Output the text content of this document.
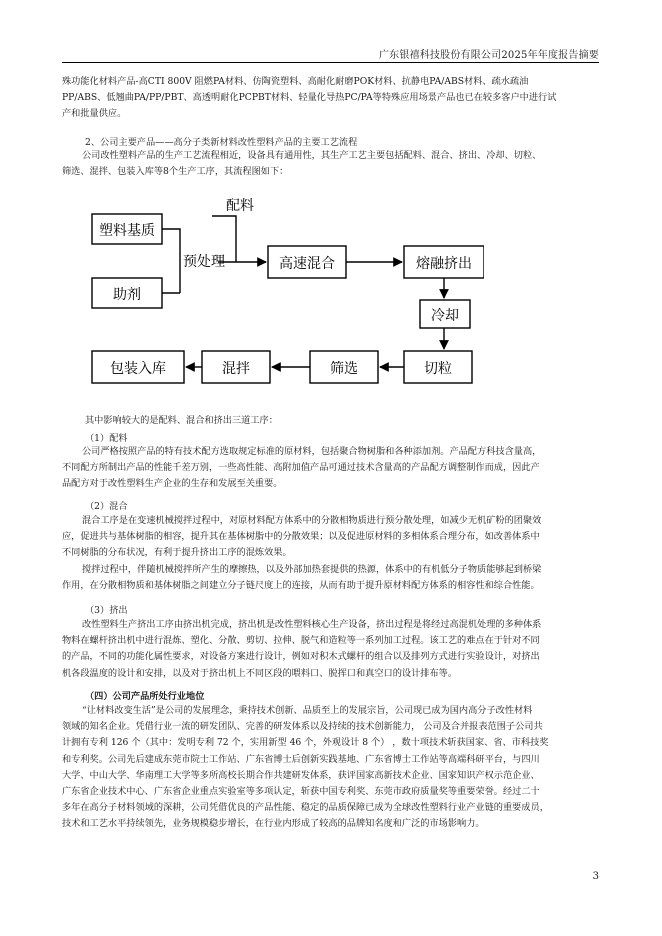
广东银禧科技股份有限公司2025年年度报告摘要
殊功能化材料产品-高CTI 800V 阻燃PA材料、仿陶瓷塑料、高耐化耐磨POK材料、抗静电PA/ABS材料、疏水疏油
PP/ABS、低翘曲PA/PP/PBT、高透明耐化PCPBT材料、轻量化导热PC/PA等特殊应用场景产品也已在较多客户中进行试
产和批量供应。
2、公司主要产品——高分子类新材料改性塑料产品的主要工艺流程
公司改性塑料产品的生产工艺流程相近，设备具有通用性，其生产工艺主要包括配料、混合、挤出、冷却、切粒、
筛选、混拌、包装入库等8个生产工序，其流程图如下：
塑料基质
助剂
配料
预处理	高速混合	熔融挤出
冷却
切粒
筛选
混拌
包装入库
其中影响较大的是配料、混合和挤出三道工序：
（1）配料
公司严格按照产品的特有技术配方选取规定标准的原材料，包括聚合物树脂和各种添加剂。产品配方科技含量高，
不同配方所制出产品的性能千差万别，一些高性能、高附加值产品可通过技术含量高的产品配方调整制作而成，因此产
品配方对于改性塑料生产企业的生存和发展至关重要。
（2）混合
混合工序是在变速机械搅拌过程中，对原材料配方体系中的分散相物质进行预分散处理，如减少无机矿粉的团聚效
应，促进共与基体树脂的相容，提升其在基体树脂中的分散效果；以及促进原材料的多相体系合理分布，如改善体系中
不同树脂的分布状况，有利于提升挤出工序的混炼效果。
搅拌过程中，伴随机械搅拌所产生的摩擦热，以及外部加热套提供的热源，体系中的有机低分子物质能够起到桥梁
作用，在分散相物质和基体树脂之间建立分子链尺度上的连接，从而有助于提升原材料配方体系的相容性和综合性能。
（3）挤出
改性塑料生产挤出工序由挤出机完成，挤出机是改性塑料核心生产设备，挤出过程是将经过高混机处理的多种体系
物料在螺杆挤出机中进行混炼、塑化、分散、剪切、拉伸、脱气和造粒等一系列加工过程。该工艺的难点在于针对不同
的产品，不同的功能化属性要求，对设备方案进行设计，例如对积木式螺杆的组合以及排列方式进行实验设计，对挤出
机各段温度的设计和安排，以及对于挤出机上不同区段的喂料口、脱挥口和真空口的设计排布等。
（四）公司产品所处行业地位
“让材料改变生活”是公司的发展理念，秉持技术创新、品质至上的发展宗旨，公司现已成为国内高分子改性材料
领域的知名企业。凭借行业一流的研发团队、完善的研发体系以及持续的技术创新能力， 公司及合并报表范围子公司共
计拥有专利 126 个（其中：发明专利 72 个，实用新型 46 个，外观设计 8 个） ，数十项技术斩获国家、省、市科技奖
和专利奖。公司先后建成东莞市院士工作站、广东省博士后创新实践基地、广东省博士工作站等高端科研平台，与四川
大学、中山大学、华南理工大学等多所高校长期合作共建研发体系，获评国家高新技术企业、国家知识产权示范企业、
广东省企业技术中心、广东省企业重点实验室等多项认定，斩获中国专利奖、东莞市政府质量奖等重要荣誉。经过二十
多年在高分子材料领域的深耕，公司凭借优良的产品性能、稳定的品质保障已成为全球改性塑料行业产业链的重要成员，
技术和工艺水平持续领先，业务规模稳步增长，在行业内形成了较高的品牌知名度和广泛的市场影响力。
3
